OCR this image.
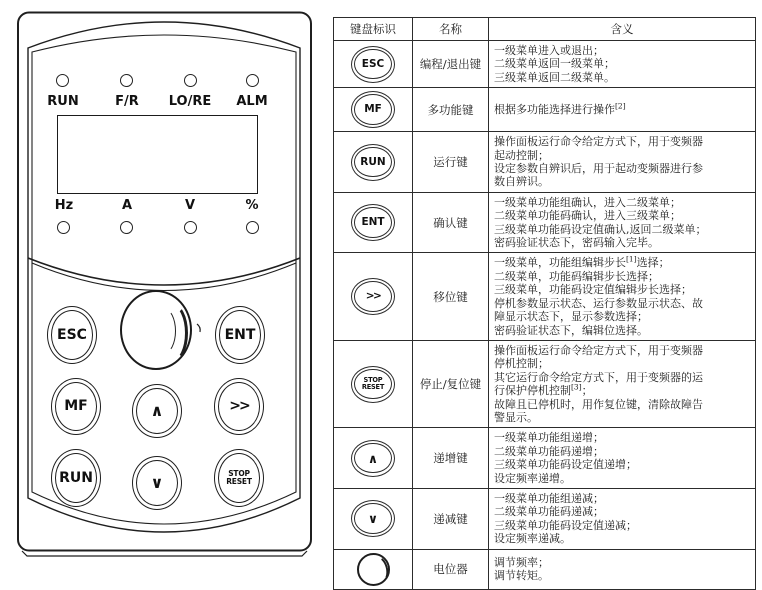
RUN	F/R	LO/RE	ALM
Hz	A	V	%
ESC	ENT
MF	∧	>>
RUN	∨	STOP
RESET
键盘标识	名称	含义

ESC	编程/退出键	一级菜单进入或退出；
二级菜单返回一级菜单；
三级菜单返回二级菜单。

MF	多功能键	根据多功能选择进行操作[2]

RUN	运行键	操作面板运行命令给定方式下，用于变频器
起动控制；
设定参数自辨识后，用于起动变频器进行参
数自辨识。

ENT	确认键	一级菜单功能组确认，进入二级菜单；
二级菜单功能码确认，进入三级菜单；
三级菜单功能码设定值确认,返回二级菜单；
密码验证状态下，密码输入完毕。

>>	移位键	一级菜单，功能组编辑步长[1]选择；
二级菜单，功能码编辑步长选择；
三级菜单，功能码设定值编辑步长选择；
停机参数显示状态、运行参数显示状态、故
障显示状态下，显示参数选择；
密码验证状态下，编辑位选择。

STOP
RESET	停止/复位键	操作面板运行命令给定方式下，用于变频器
停机控制；
其它运行命令给定方式下，用于变频器的运
行保护停机控制[3]；
故障且已停机时，用作复位键，清除故障告
警显示。

∧	递增键	一级菜单功能组递增；
二级菜单功能码递增；
三级菜单功能码设定值递增；
设定频率递增。

∨	递减键	一级菜单功能组递减；
二级菜单功能码递减；
三级菜单功能码设定值递减；
设定频率递减。

	电位器	调节频率；
调节转矩。
